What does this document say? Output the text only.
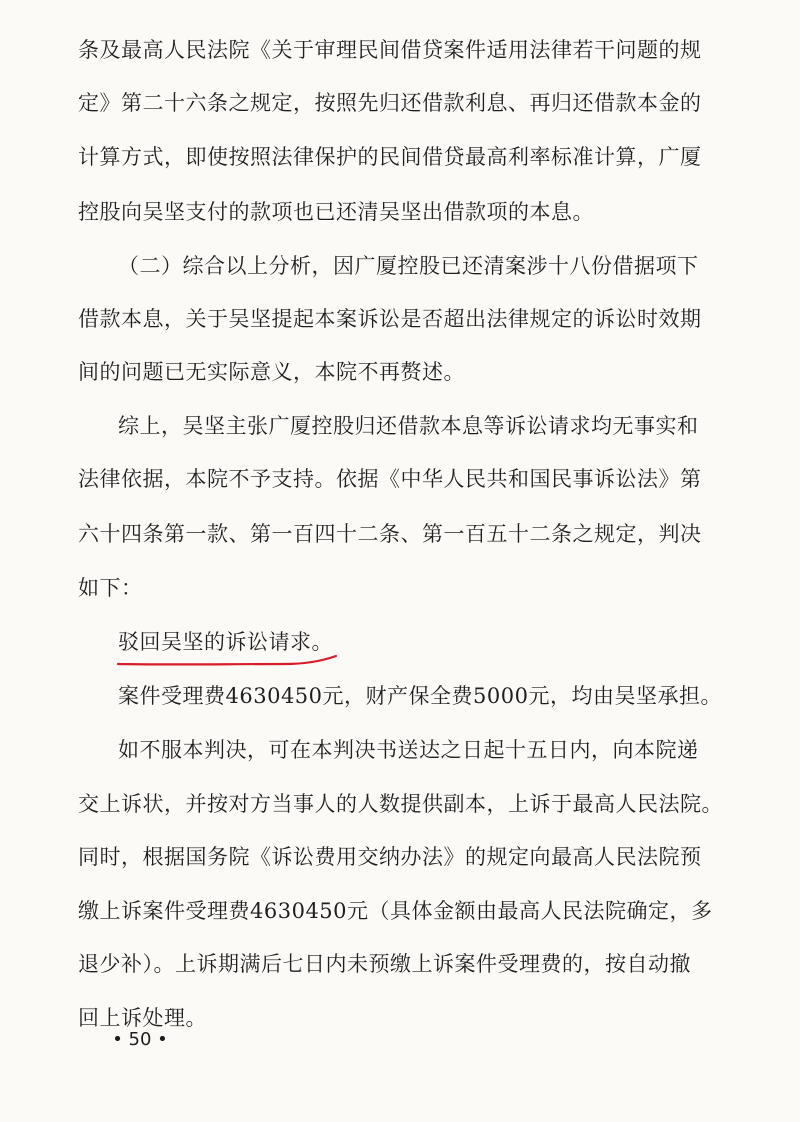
条及最高人民法院《关于审理民间借贷案件适用法律若干问题的规
定》第二十六条之规定，按照先归还借款利息、再归还借款本金的
计算方式，即使按照法律保护的民间借贷最高利率标准计算，广厦
控股向吴坚支付的款项也已还清吴坚出借款项的本息。
（二）综合以上分析，因广厦控股已还清案涉十八份借据项下
借款本息，关于吴坚提起本案诉讼是否超出法律规定的诉讼时效期
间的问题已无实际意义，本院不再赘述。
综上，吴坚主张广厦控股归还借款本息等诉讼请求均无事实和
法律依据，本院不予支持。依据《中华人民共和国民事诉讼法》第
六十四条第一款、第一百四十二条、第一百五十二条之规定，判决
如下：
驳回吴坚的诉讼请求。
案件受理费4630450元，财产保全费5000元，均由吴坚承担。
如不服本判决，可在本判决书送达之日起十五日内，向本院递
交上诉状，并按对方当事人的人数提供副本，上诉于最高人民法院。
同时，根据国务院《诉讼费用交纳办法》的规定向最高人民法院预
缴上诉案件受理费4630450元（具体金额由最高人民法院确定，多
退少补）。上诉期满后七日内未预缴上诉案件受理费的，按自动撤
回上诉处理。
• 50 •
